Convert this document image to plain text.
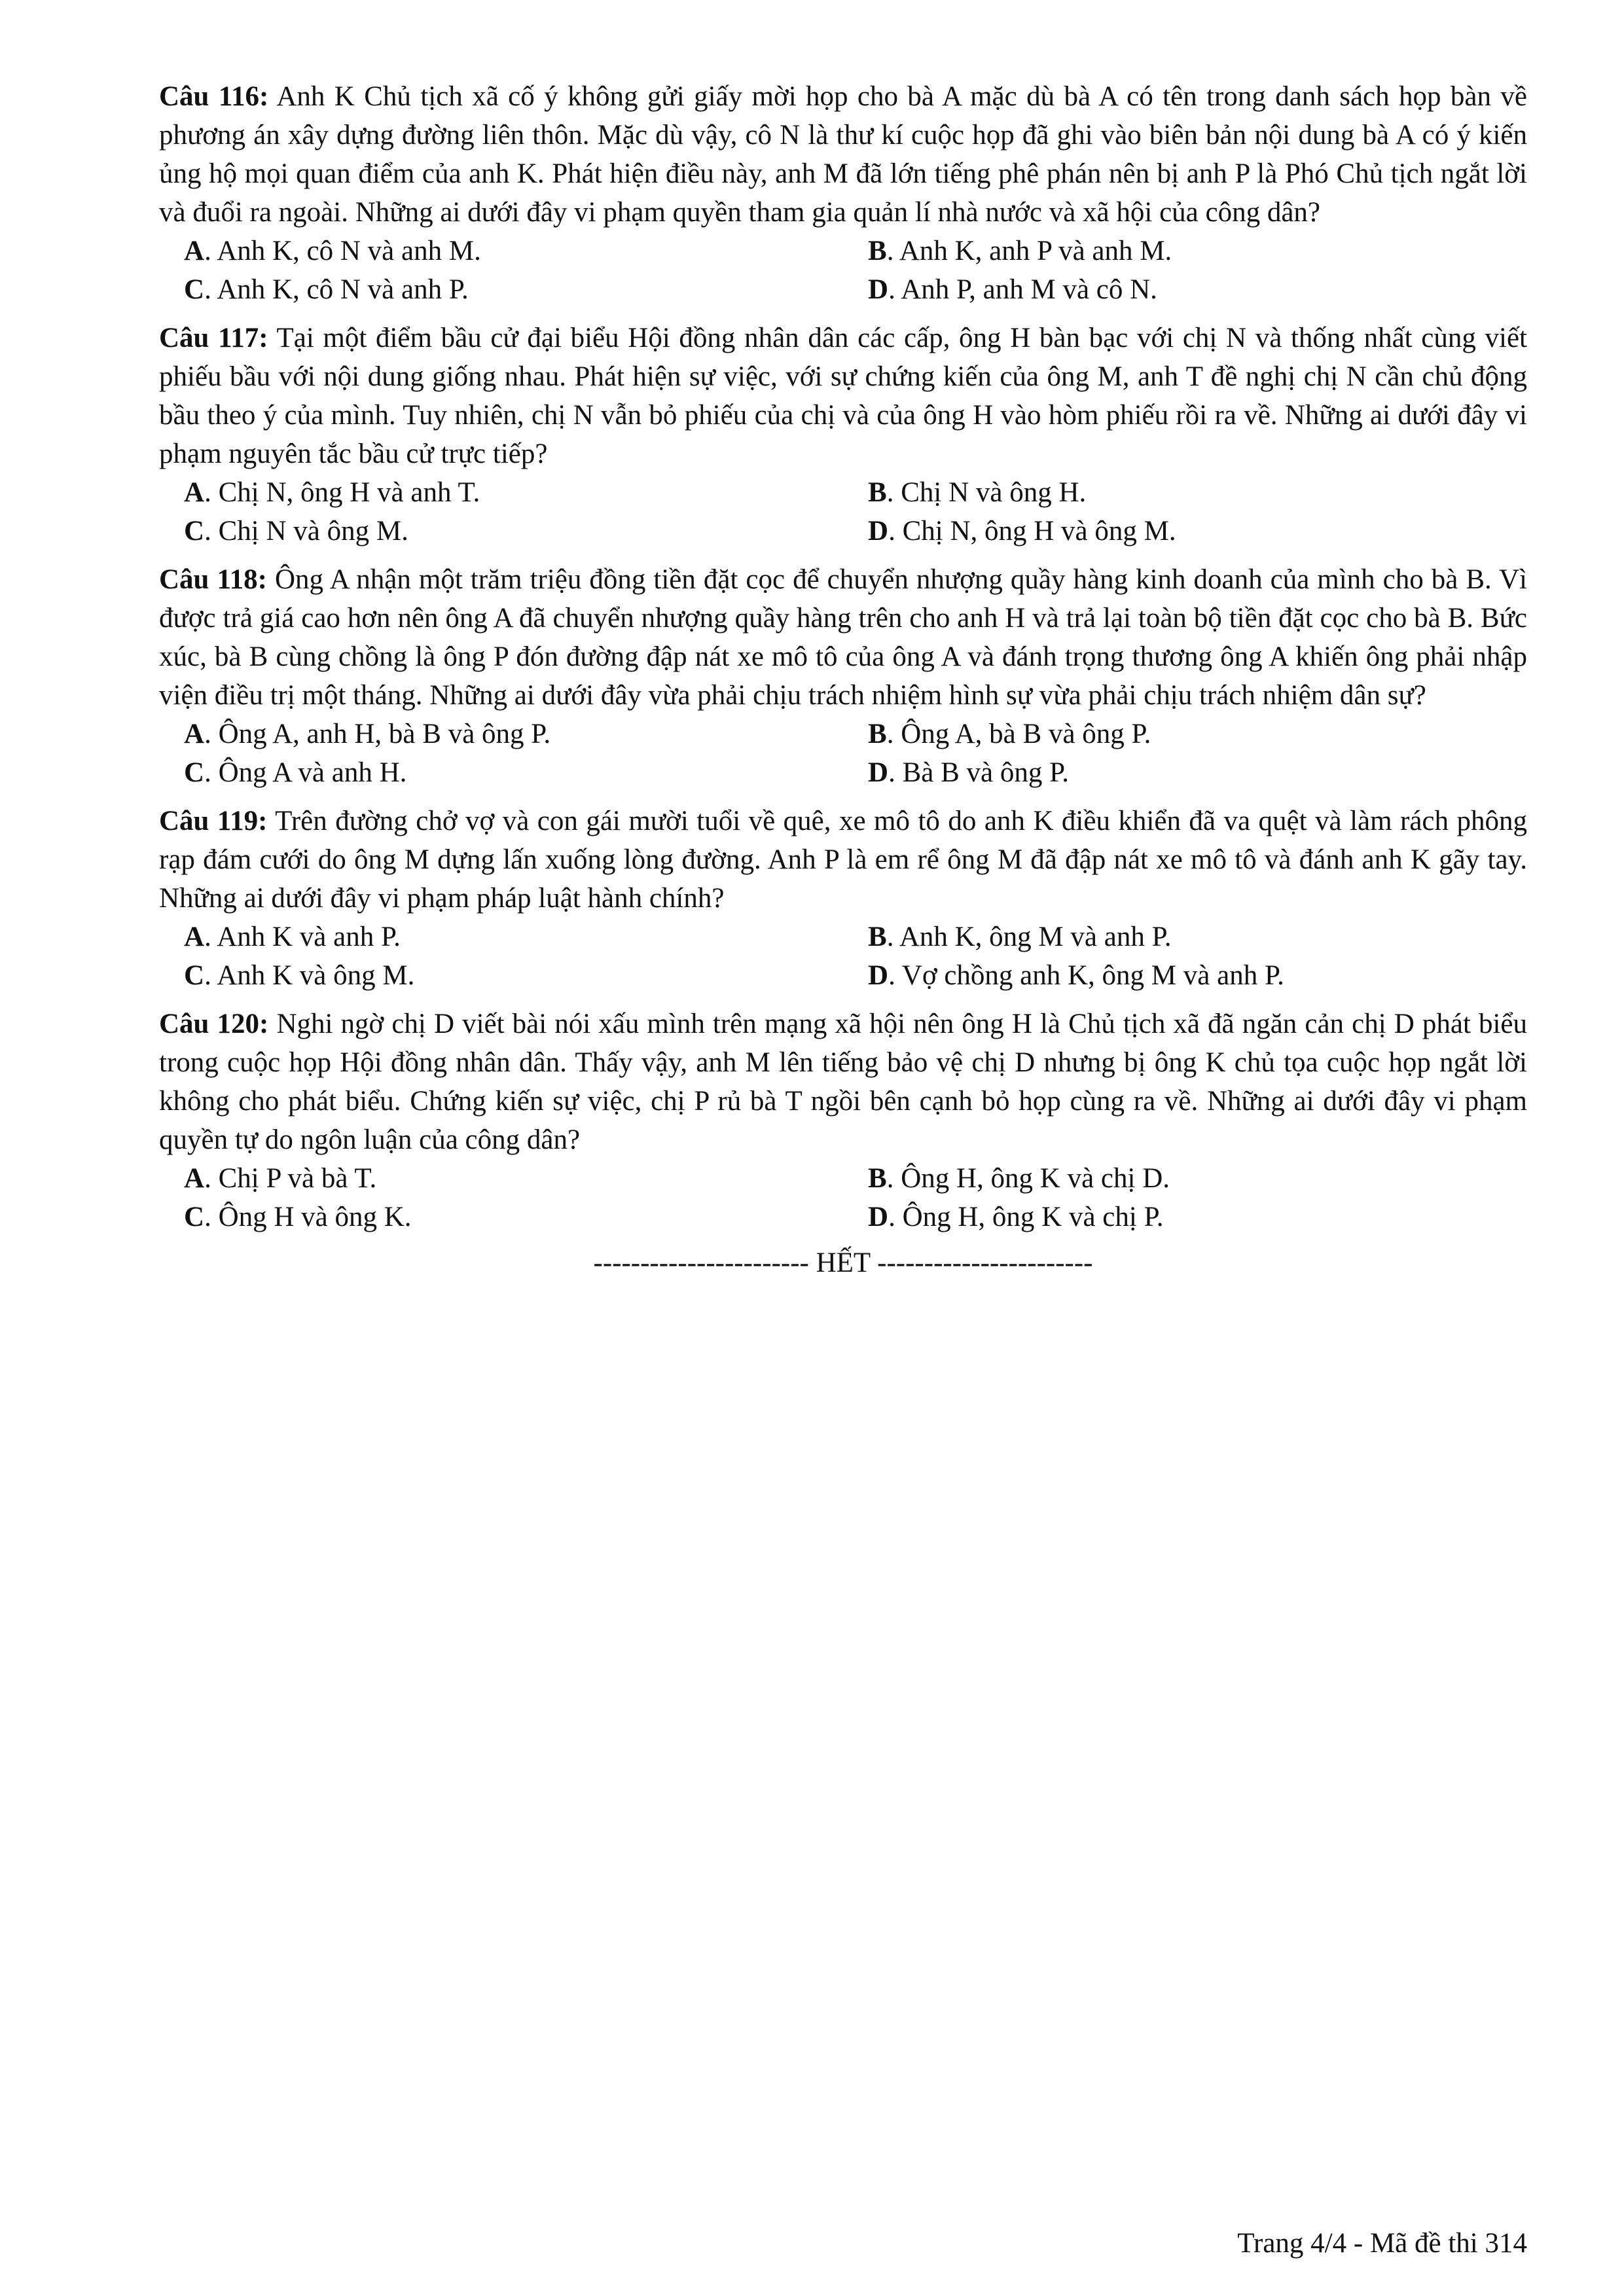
Câu 116: Anh K Chủ tịch xã cố ý không gửi giấy mời họp cho bà A mặc dù bà A có tên trong danh sách họp bàn về phương án xây dựng đường liên thôn. Mặc dù vậy, cô N là thư kí cuộc họp đã ghi vào biên bản nội dung bà A có ý kiến ủng hộ mọi quan điểm của anh K. Phát hiện điều này, anh M đã lớn tiếng phê phán nên bị anh P là Phó Chủ tịch ngắt lời và đuổi ra ngoài. Những ai dưới đây vi phạm quyền tham gia quản lí nhà nước và xã hội của công dân?

A. Anh K, cô N và anh M.	B. Anh K, anh P và anh M.
C. Anh K, cô N và anh P.	D. Anh P, anh M và cô N.

Câu 117: Tại một điểm bầu cử đại biểu Hội đồng nhân dân các cấp, ông H bàn bạc với chị N và thống nhất cùng viết phiếu bầu với nội dung giống nhau. Phát hiện sự việc, với sự chứng kiến của ông M, anh T đề nghị chị N cần chủ động bầu theo ý của mình. Tuy nhiên, chị N vẫn bỏ phiếu của chị và của ông H vào hòm phiếu rồi ra về. Những ai dưới đây vi phạm nguyên tắc bầu cử trực tiếp?

A. Chị N, ông H và anh T.	B. Chị N và ông H.
C. Chị N và ông M.	D. Chị N, ông H và ông M.

Câu 118: Ông A nhận một trăm triệu đồng tiền đặt cọc để chuyển nhượng quầy hàng kinh doanh của mình cho bà B. Vì được trả giá cao hơn nên ông A đã chuyển nhượng quầy hàng trên cho anh H và trả lại toàn bộ tiền đặt cọc cho bà B. Bức xúc, bà B cùng chồng là ông P đón đường đập nát xe mô tô của ông A và đánh trọng thương ông A khiến ông phải nhập viện điều trị một tháng. Những ai dưới đây vừa phải chịu trách nhiệm hình sự vừa phải chịu trách nhiệm dân sự?

A. Ông A, anh H, bà B và ông P.	B. Ông A, bà B và ông P.
C. Ông A và anh H.	D. Bà B và ông P.

Câu 119: Trên đường chở vợ và con gái mười tuổi về quê, xe mô tô do anh K điều khiển đã va quệt và làm rách phông rạp đám cưới do ông M dựng lấn xuống lòng đường. Anh P là em rể ông M đã đập nát xe mô tô và đánh anh K gãy tay. Những ai dưới đây vi phạm pháp luật hành chính?

A. Anh K và anh P.	B. Anh K, ông M và anh P.
C. Anh K và ông M.	D. Vợ chồng anh K, ông M và anh P.

Câu 120: Nghi ngờ chị D viết bài nói xấu mình trên mạng xã hội nên ông H là Chủ tịch xã đã ngăn cản chị D phát biểu trong cuộc họp Hội đồng nhân dân. Thấy vậy, anh M lên tiếng bảo vệ chị D nhưng bị ông K chủ tọa cuộc họp ngắt lời không cho phát biểu. Chứng kiến sự việc, chị P rủ bà T ngồi bên cạnh bỏ họp cùng ra về. Những ai dưới đây vi phạm quyền tự do ngôn luận của công dân?

A. Chị P và bà T.	B. Ông H, ông K và chị D.
C. Ông H và ông K.	D. Ông H, ông K và chị P.
----------------------- HẾT -----------------------
Trang 4/4 - Mã đề thi 314
